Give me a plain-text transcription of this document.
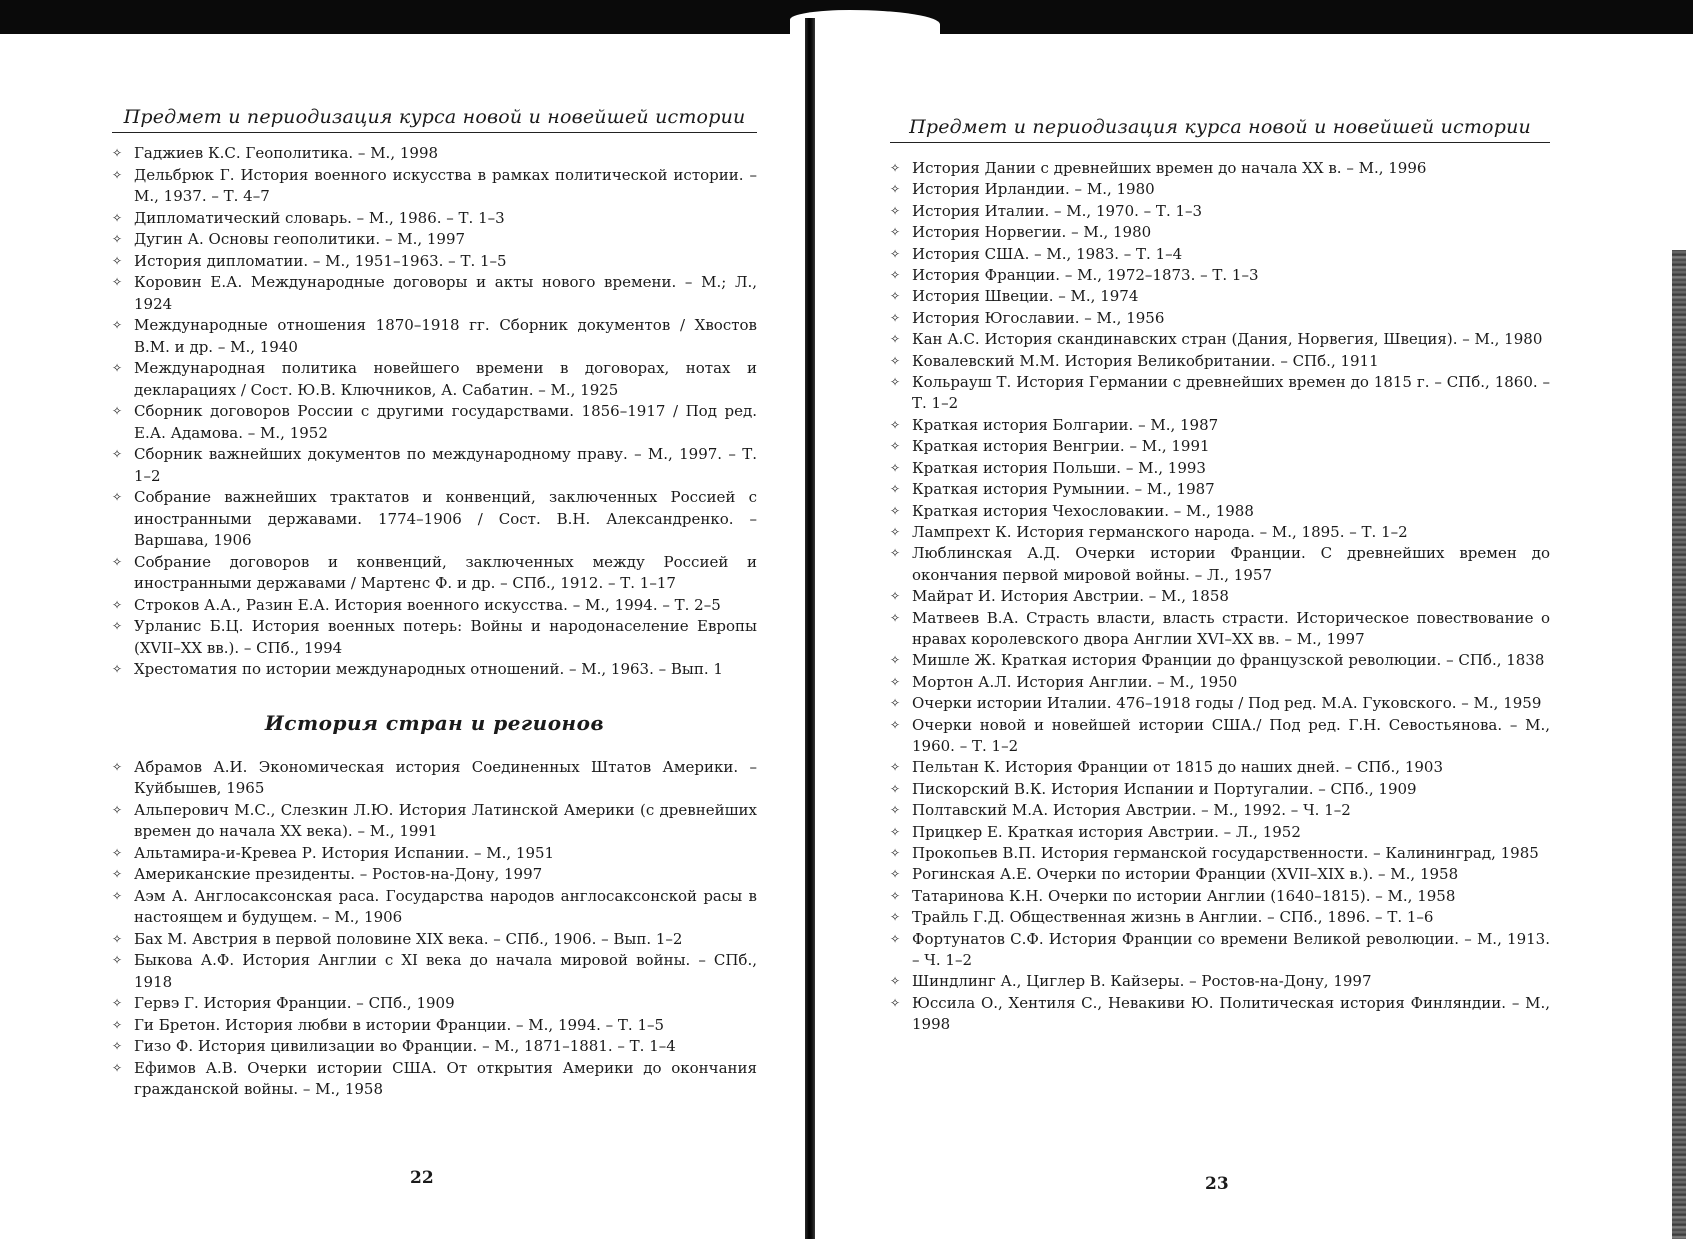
Предмет и периодизация курса новой и новейшей истории
✧ Гаджиев К.С. Геополитика. – М., 1998
✧ Дельбрюк Г. История военного искусства в рамках политической истории. – М., 1937. – Т. 4–7
✧ Дипломатический словарь. – М., 1986. – Т. 1–3
✧ Дугин А. Основы геополитики. – М., 1997
✧ История дипломатии. – М., 1951–1963. – Т. 1–5
✧ Коровин Е.А. Международные договоры и акты нового времени. – М.; Л., 1924
✧ Международные отношения 1870–1918 гг. Сборник документов / Хвостов В.М. и др. – М., 1940
✧ Международная политика новейшего времени в договорах, нотах и декларациях / Сост. Ю.В. Ключников, А. Сабатин. – М., 1925
✧ Сборник договоров России с другими государствами. 1856–1917 / Под ред. Е.А. Адамова. – М., 1952
✧ Сборник важнейших документов по международному праву. – М., 1997. – Т. 1–2
✧ Собрание важнейших трактатов и конвенций, заключенных Россией с иностранными державами. 1774–1906 / Сост. В.Н. Александренко. – Варшава, 1906
✧ Собрание договоров и конвенций, заключенных между Россией и иностранными державами / Мартенс Ф. и др. – СПб., 1912. – Т. 1–17
✧ Строков А.А., Разин Е.А. История военного искусства. – М., 1994. – Т. 2–5
✧ Урланис Б.Ц. История военных потерь: Войны и народонаселение Европы (XVII–XX вв.). – СПб., 1994
✧ Хрестоматия по истории международных отношений. – М., 1963. – Вып. 1
История стран и регионов
✧ Абрамов А.И. Экономическая история Соединенных Штатов Америки. – Куйбышев, 1965
✧ Альперович М.С., Слезкин Л.Ю. История Латинской Америки (с древнейших времен до начала XX века). – М., 1991
✧ Альтамира-и-Кревеа Р. История Испании. – М., 1951
✧ Американские президенты. – Ростов-на-Дону, 1997
✧ Аэм А. Англосаксонская раса. Государства народов англосаксонской расы в настоящем и будущем. – М., 1906
✧ Бах М. Австрия в первой половине XIX века. – СПб., 1906. – Вып. 1–2
✧ Быкова А.Ф. История Англии с XI века до начала мировой войны. – СПб., 1918
✧ Гервэ Г. История Франции. – СПб., 1909
✧ Ги Бретон. История любви в истории Франции. – М., 1994. – Т. 1–5
✧ Гизо Ф. История цивилизации во Франции. – М., 1871–1881. – Т. 1–4
✧ Ефимов А.В. Очерки истории США. От открытия Америки до окончания гражданской войны. – М., 1958
22
Предмет и периодизация курса новой и новейшей истории
✧ История Дании с древнейших времен до начала XX в. – М., 1996
✧ История Ирландии. – М., 1980
✧ История Италии. – М., 1970. – Т. 1–3
✧ История Норвегии. – М., 1980
✧ История США. – М., 1983. – Т. 1–4
✧ История Франции. – М., 1972–1873. – Т. 1–3
✧ История Швеции. – М., 1974
✧ История Югославии. – М., 1956
✧ Кан А.С. История скандинавских стран (Дания, Норвегия, Швеция). – М., 1980
✧ Ковалевский М.М. История Великобритании. – СПб., 1911
✧ Кольрауш Т. История Германии с древнейших времен до 1815 г. – СПб., 1860. – Т. 1–2
✧ Краткая история Болгарии. – М., 1987
✧ Краткая история Венгрии. – М., 1991
✧ Краткая история Польши. – М., 1993
✧ Краткая история Румынии. – М., 1987
✧ Краткая история Чехословакии. – М., 1988
✧ Лампрехт К. История германского народа. – М., 1895. – Т. 1–2
✧ Люблинская А.Д. Очерки истории Франции. С древнейших времен до окончания первой мировой войны. – Л., 1957
✧ Майрат И. История Австрии. – М., 1858
✧ Матвеев В.А. Страсть власти, власть страсти. Историческое повествование о нравах королевского двора Англии XVI–XX вв. – М., 1997
✧ Мишле Ж. Краткая история Франции до французской революции. – СПб., 1838
✧ Мортон А.Л. История Англии. – М., 1950
✧ Очерки истории Италии. 476–1918 годы / Под ред. М.А. Гуковского. – М., 1959
✧ Очерки новой и новейшей истории США./ Под ред. Г.Н. Севостьянова. – М., 1960. – Т. 1–2
✧ Пельтан К. История Франции от 1815 до наших дней. – СПб., 1903
✧ Пискорский В.К. История Испании и Португалии. – СПб., 1909
✧ Полтавский М.А. История Австрии. – М., 1992. – Ч. 1–2
✧ Прицкер Е. Краткая история Австрии. – Л., 1952
✧ Прокопьев В.П. История германской государственности. – Калининград, 1985
✧ Рогинская А.Е. Очерки по истории Франции (XVII–XIX в.). – М., 1958
✧ Татаринова К.Н. Очерки по истории Англии (1640–1815). – М., 1958
✧ Трайль Г.Д. Общественная жизнь в Англии. – СПб., 1896. – Т. 1–6
✧ Фортунатов С.Ф. История Франции со времени Великой революции. – М., 1913. – Ч. 1–2
✧ Шиндлинг А., Циглер В. Кайзеры. – Ростов-на-Дону, 1997
✧ Юссила О., Хентиля С., Невакиви Ю. Политическая история Финляндии. – М., 1998
23
